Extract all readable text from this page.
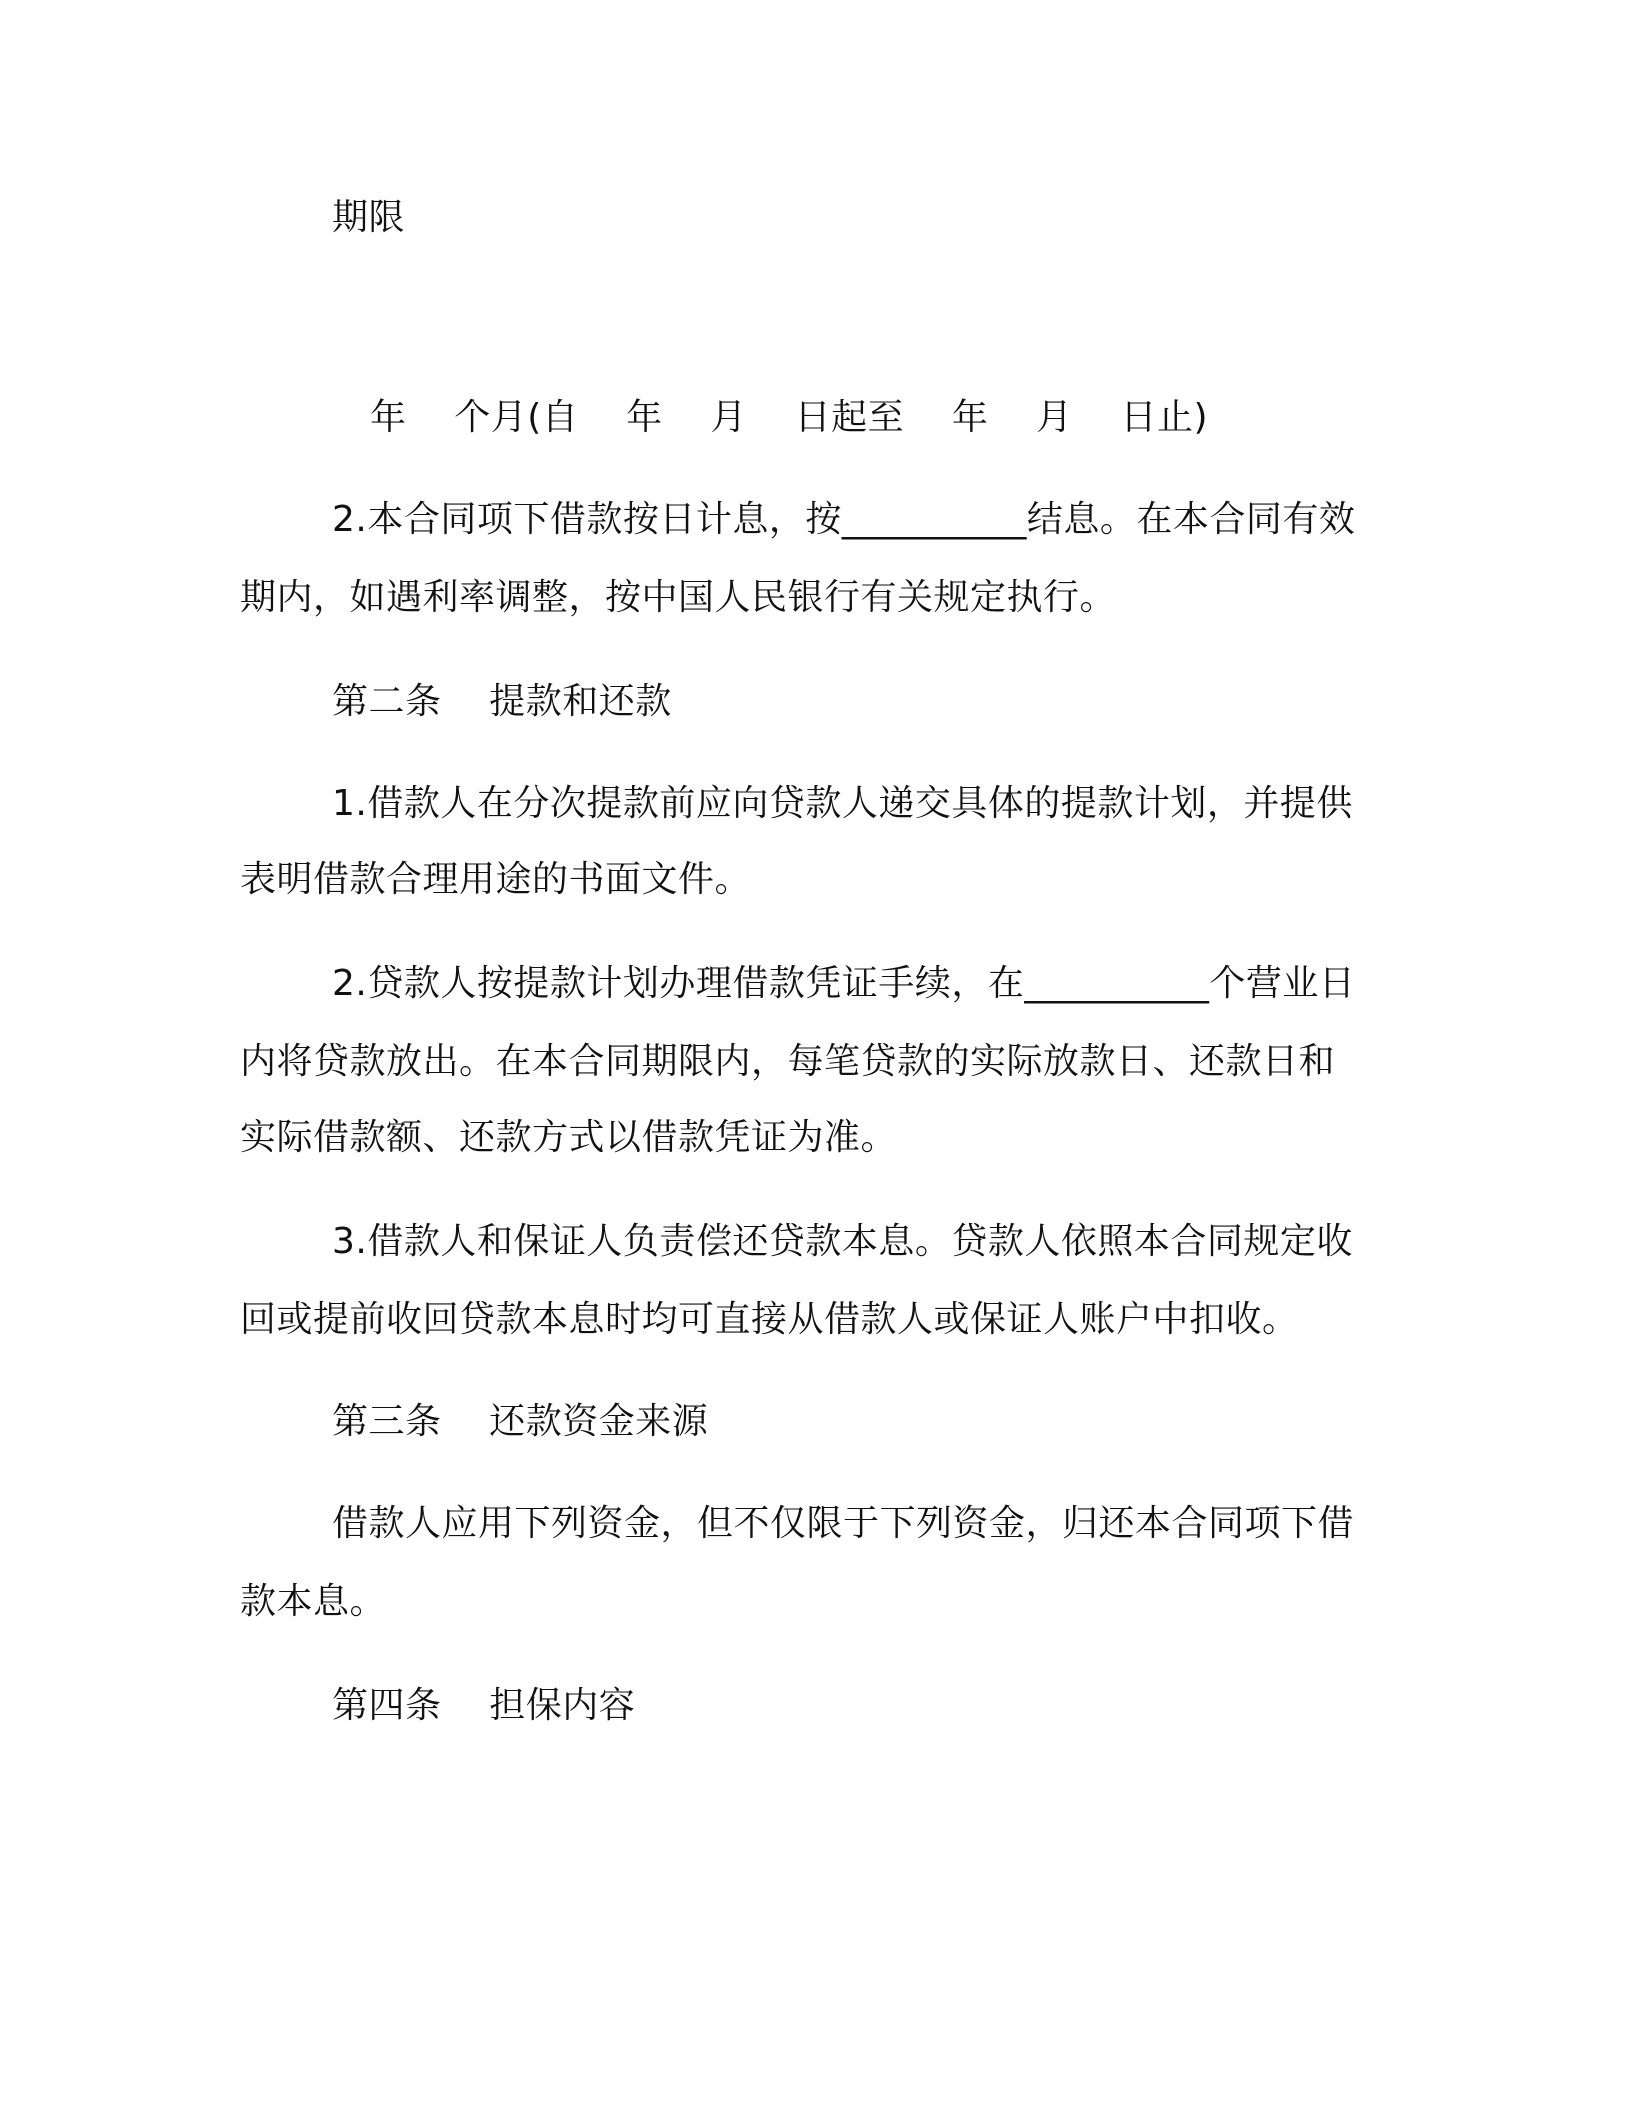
期限
年    个月(自    年    月    日起至    年    月    日止)
2.本合同项下借款按日计息，按__________结息。在本合同有效
期内，如遇利率调整，按中国人民银行有关规定执行。
第二条    提款和还款
1.借款人在分次提款前应向贷款人递交具体的提款计划，并提供
表明借款合理用途的书面文件。
2.贷款人按提款计划办理借款凭证手续，在__________个营业日
内将贷款放出。在本合同期限内，每笔贷款的实际放款日、还款日和
实际借款额、还款方式以借款凭证为准。
3.借款人和保证人负责偿还贷款本息。贷款人依照本合同规定收
回或提前收回贷款本息时均可直接从借款人或保证人账户中扣收。
第三条    还款资金来源
借款人应用下列资金，但不仅限于下列资金，归还本合同项下借
款本息。
第四条    担保内容
